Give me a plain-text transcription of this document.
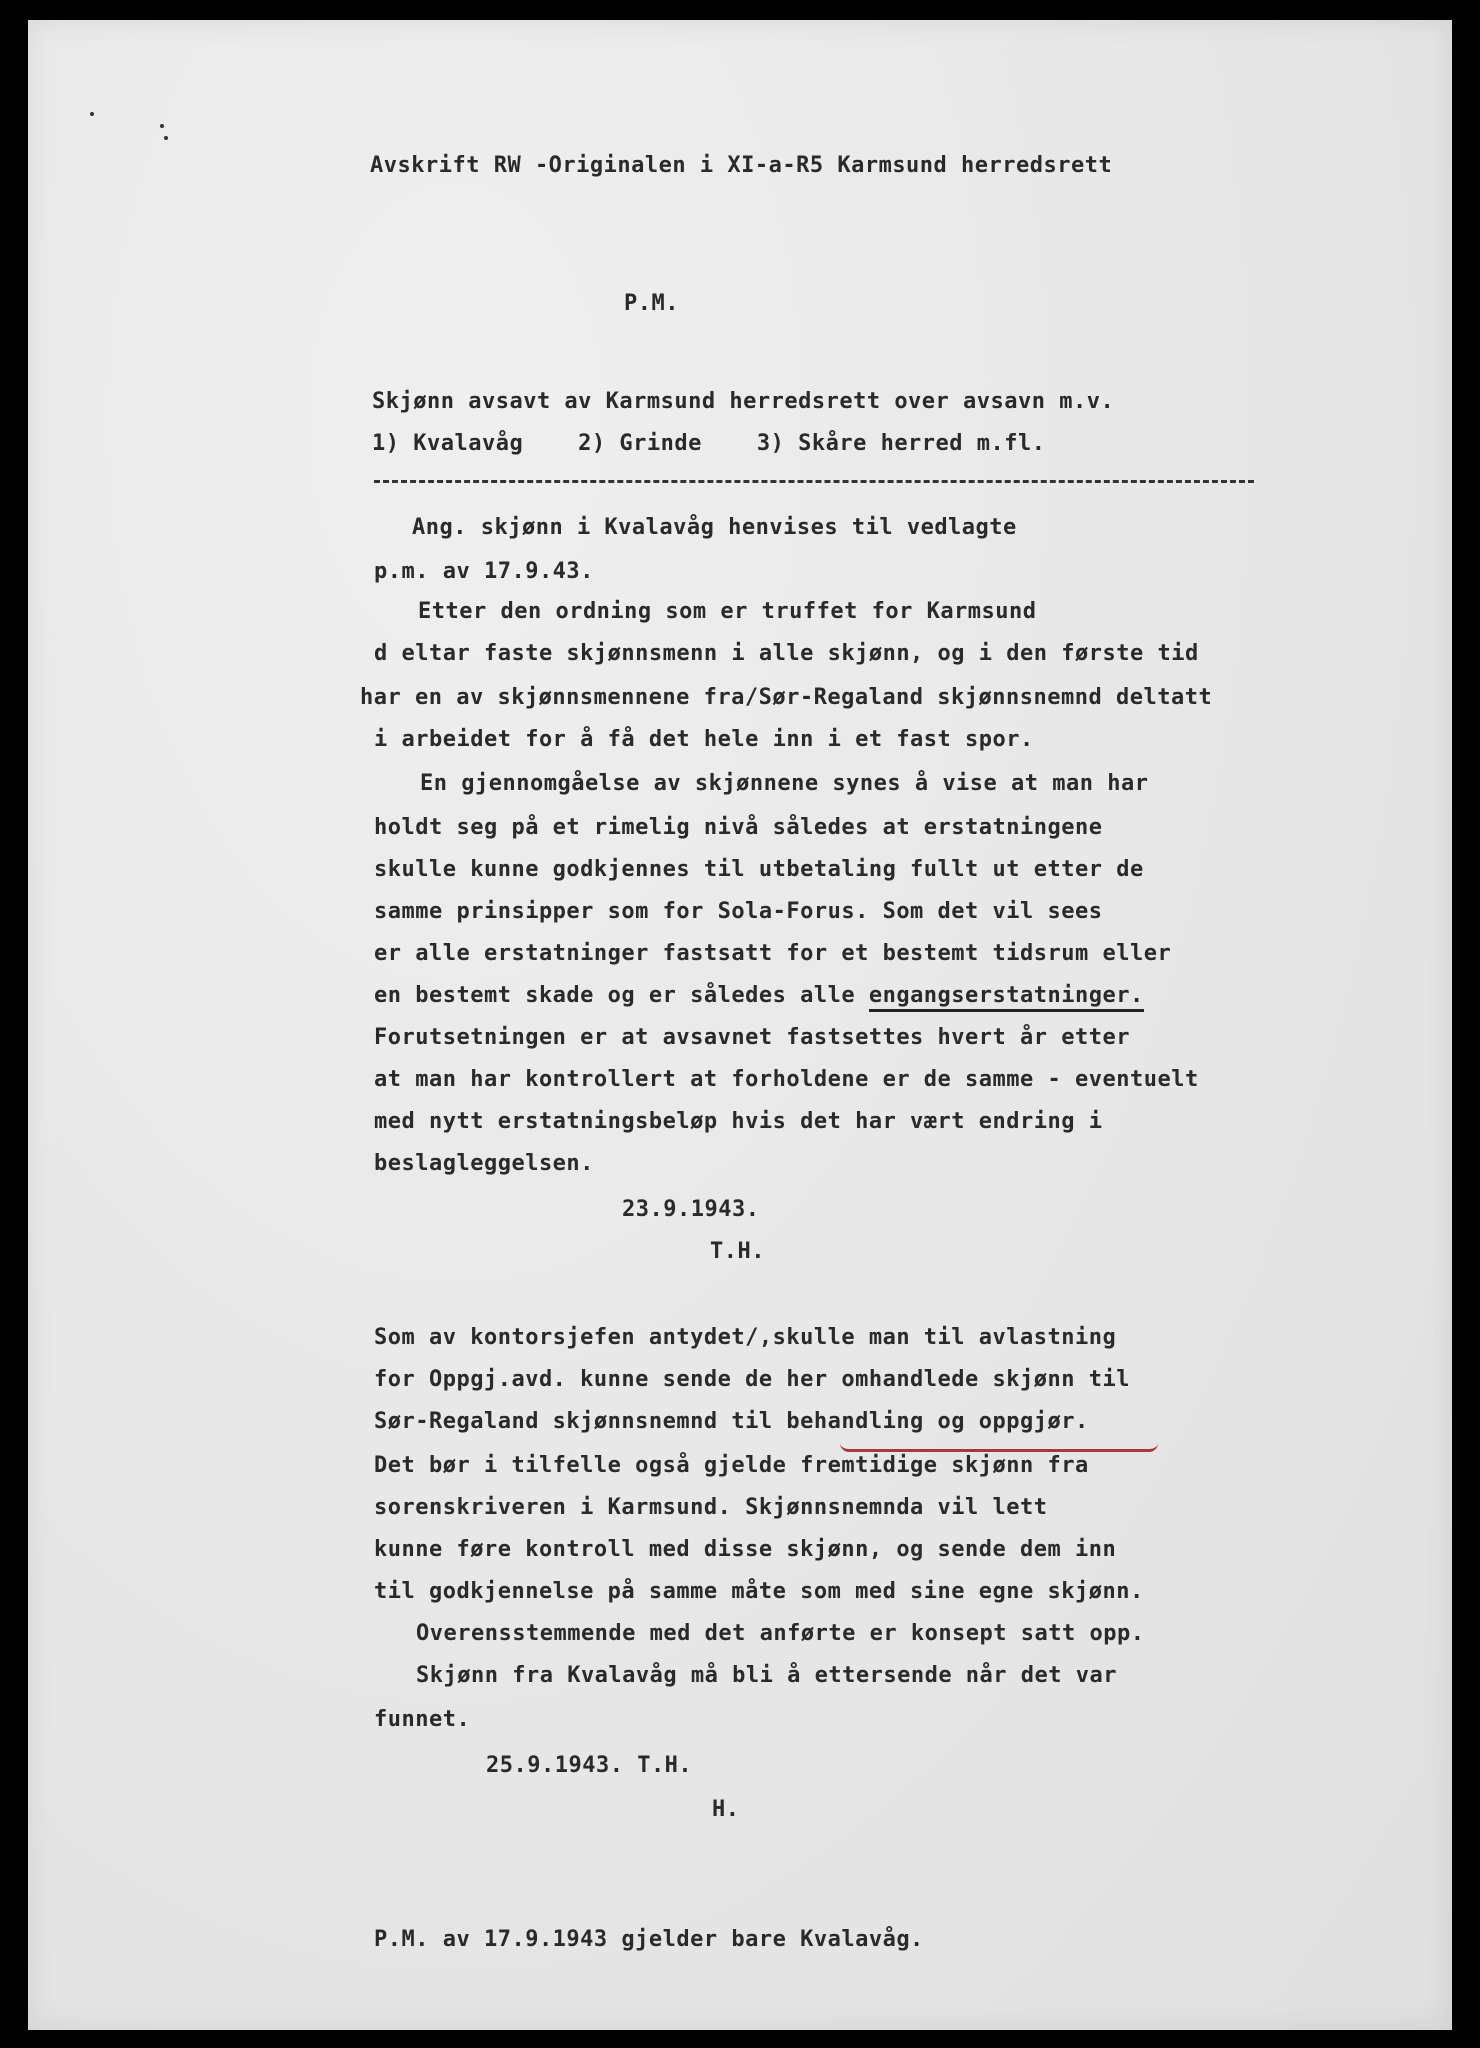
Avskrift RW -Originalen i XI-a-R5 Karmsund herredsrett

P.M.

Skjønn avsavt av Karmsund herredsrett over avsavn m.v.

1) Kvalavåg    2) Grinde    3) Skåre herred m.fl.

Ang. skjønn i Kvalavåg henvises til vedlagte

p.m. av 17.9.43.

Etter den ordning som er truffet for Karmsund

d eltar faste skjønnsmenn i alle skjønn, og i den første tid

har en av skjønnsmennene fra/Sør-Regaland skjønnsnemnd deltatt

i arbeidet for å få det hele inn i et fast spor.

En gjennomgåelse av skjønnene synes å vise at man har

holdt seg på et rimelig nivå således at erstatningene

skulle kunne godkjennes til utbetaling fullt ut etter de

samme prinsipper som for Sola-Forus. Som det vil sees

er alle erstatninger fastsatt for et bestemt tidsrum eller

en bestemt skade og er således alle engangserstatninger.

Forutsetningen er at avsavnet fastsettes hvert år etter

at man har kontrollert at forholdene er de samme - eventuelt

med nytt erstatningsbeløp hvis det har vært endring i

beslagleggelsen.

23.9.1943.

T.H.

Som av kontorsjefen antydet/,skulle man til avlastning

for Oppgj.avd. kunne sende de her omhandlede skjønn til

Sør-Regaland skjønnsnemnd til behandling og oppgjør.

Det bør i tilfelle også gjelde fremtidige skjønn fra

sorenskriveren i Karmsund. Skjønnsnemnda vil lett

kunne føre kontroll med disse skjønn, og sende dem inn

til godkjennelse på samme måte som med sine egne skjønn.

Overensstemmende med det anførte er konsept satt opp.

Skjønn fra Kvalavåg må bli å ettersende når det var

funnet.

25.9.1943. T.H.

H.

P.M. av 17.9.1943 gjelder bare Kvalavåg.
